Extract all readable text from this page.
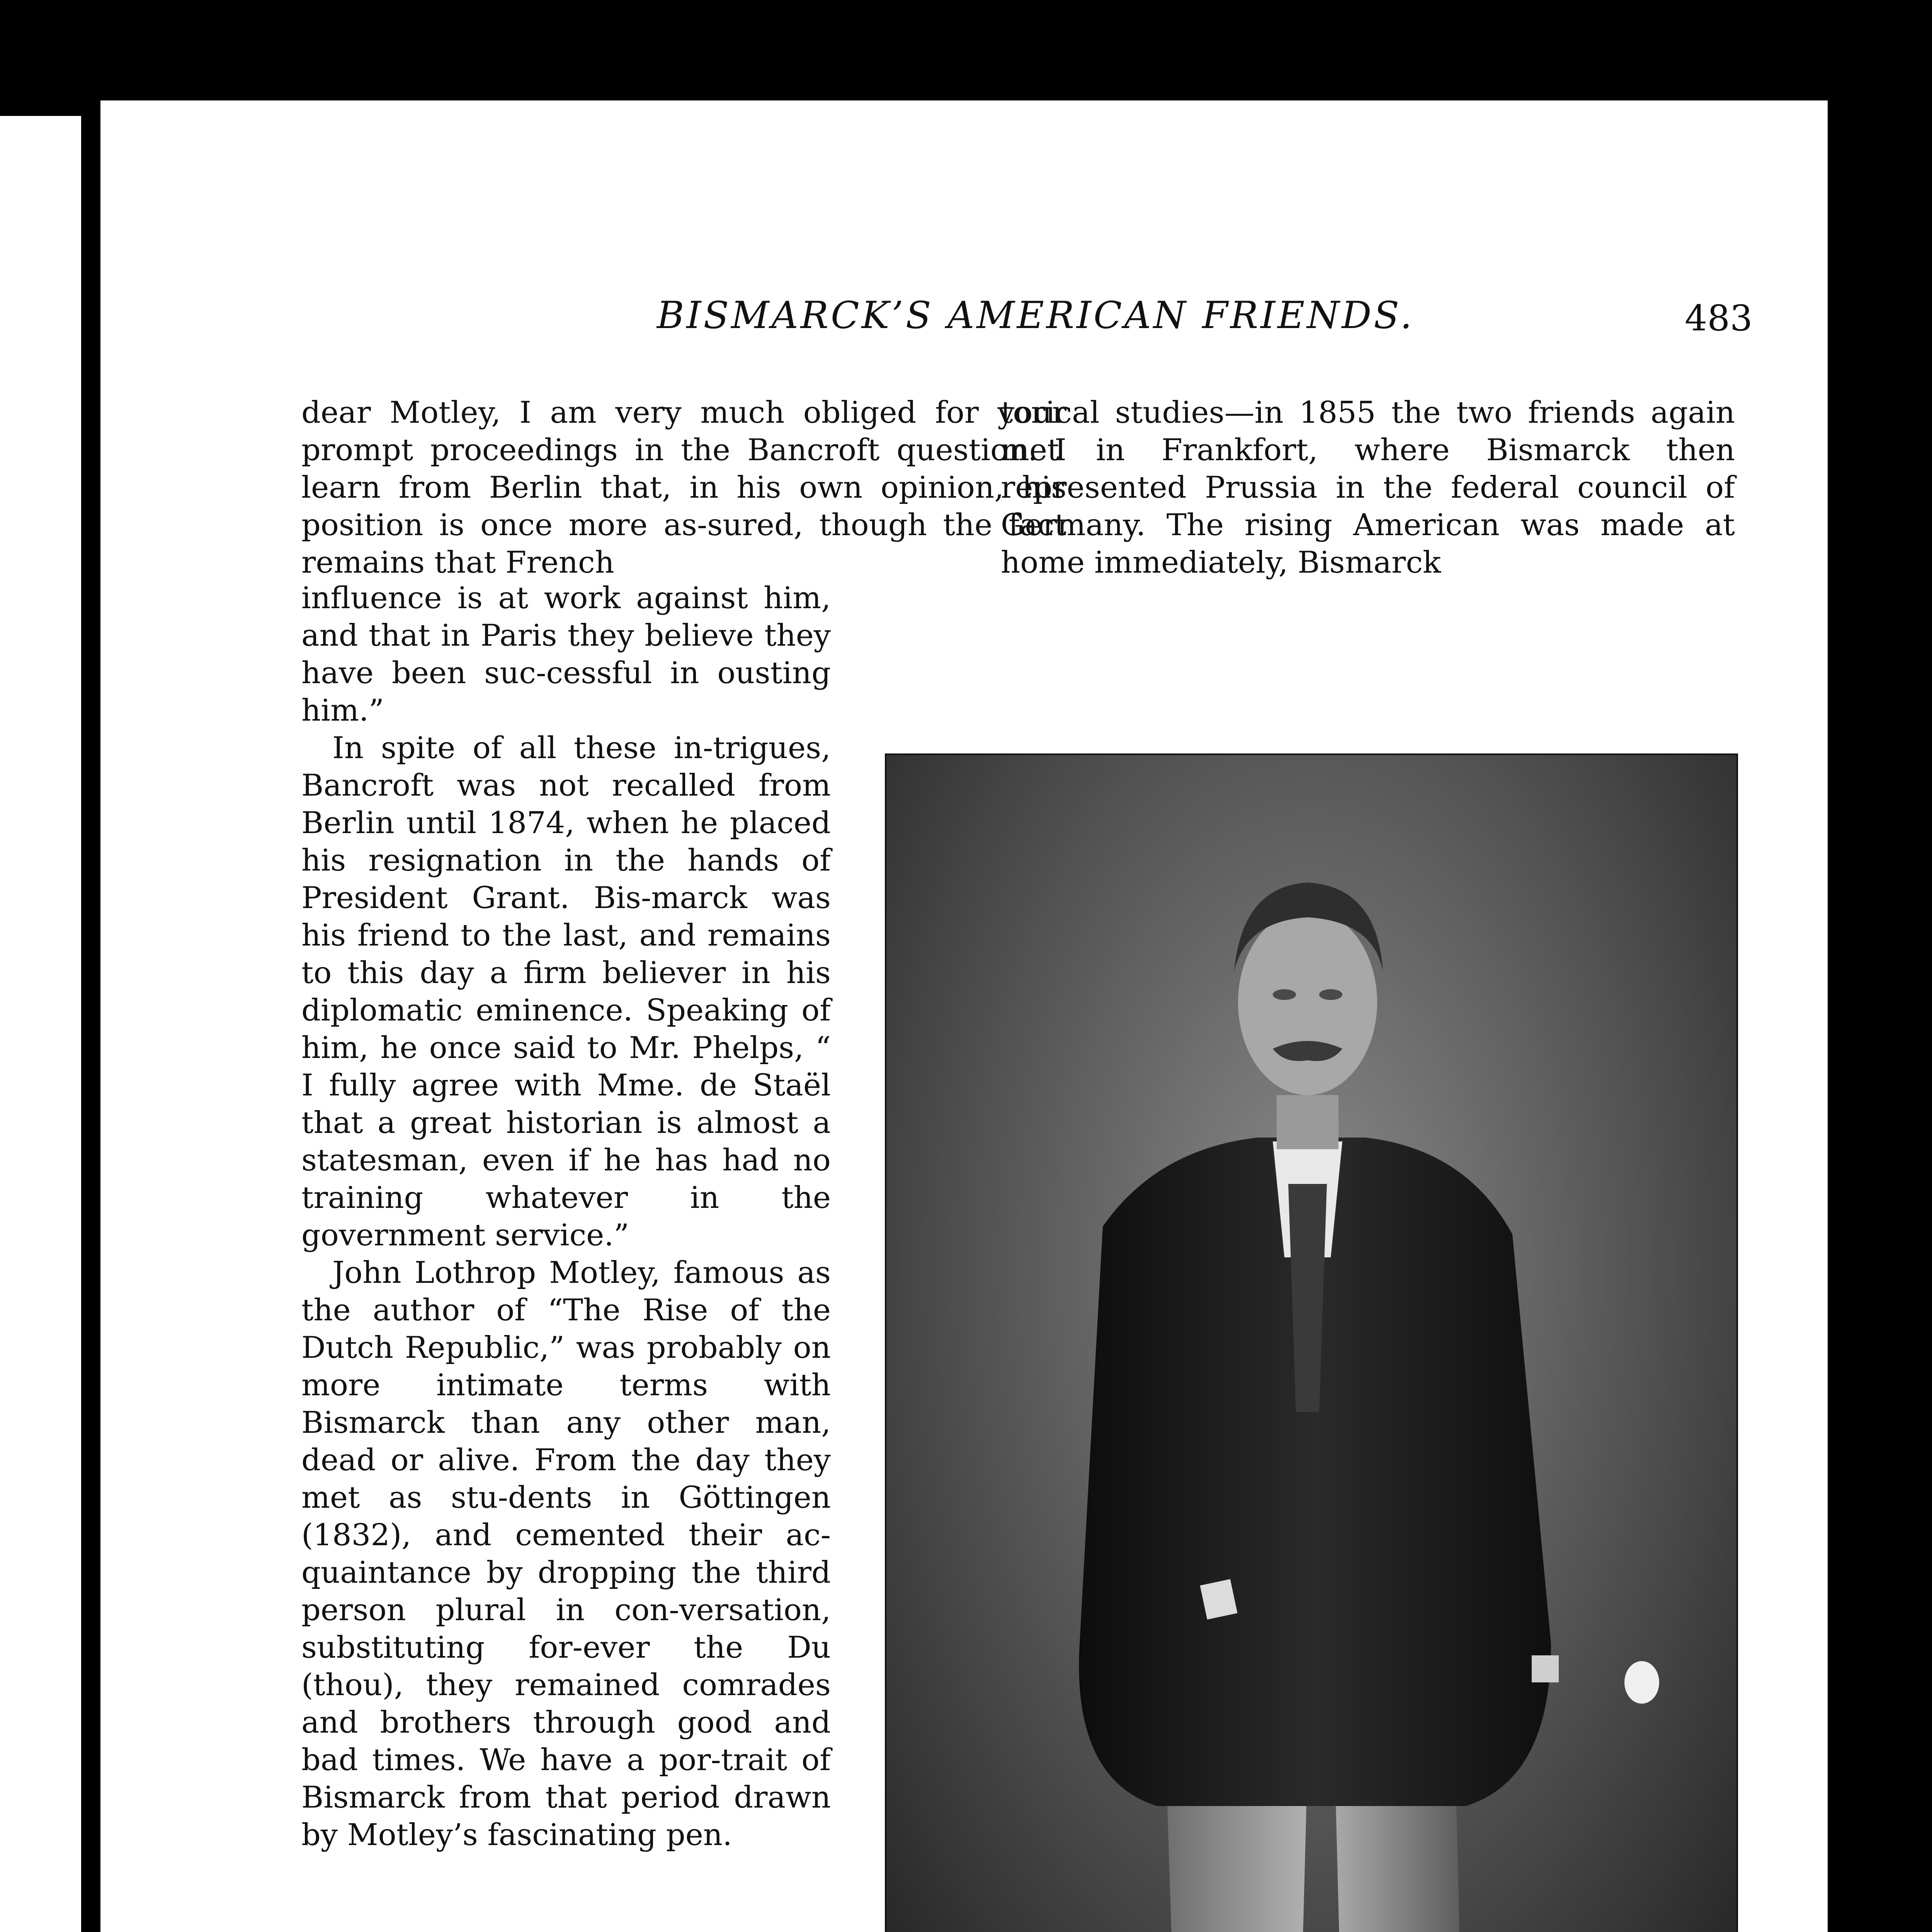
BISMARCK’S AMERICAN FRIENDS.	483

dear Motley, I am very much obliged for your prompt proceedings in the Bancroft question. I learn from Berlin that, in his own opinion, his position is once more as-sured, though the fact remains that French

influence is at work against him, and that in Paris they believe they have been suc-cessful in ousting him.”

In spite of all these in-trigues, Bancroft was not recalled from Berlin until 1874, when he placed his resignation in the hands of President Grant. Bis-marck was his friend to the last, and remains to this day a firm believer in his diplomatic eminence. Speaking of him, he once said to Mr. Phelps, “ I fully agree with Mme. de Staël that a great historian is almost a statesman, even if he has had no training whatever in the government service.”

John Lothrop Motley, famous as the author of “The Rise of the Dutch Republic,” was probably on more intimate terms with Bismarck than any other man, dead or alive. From the day they met as stu-dents in Göttingen (1832), and cemented their ac-quaintance by dropping the third person plural in con-versation, substituting for-ever the Du (thou), they remained comrades and brothers through good and bad times. We have a por-trait of Bismarck from that period drawn by Motley’s fascinating pen.

torical studies—in 1855 the two friends again met in Frankfort, where Bismarck then represented Prussia in the federal council of Germany. The rising American was made at home immediately, Bismarck
